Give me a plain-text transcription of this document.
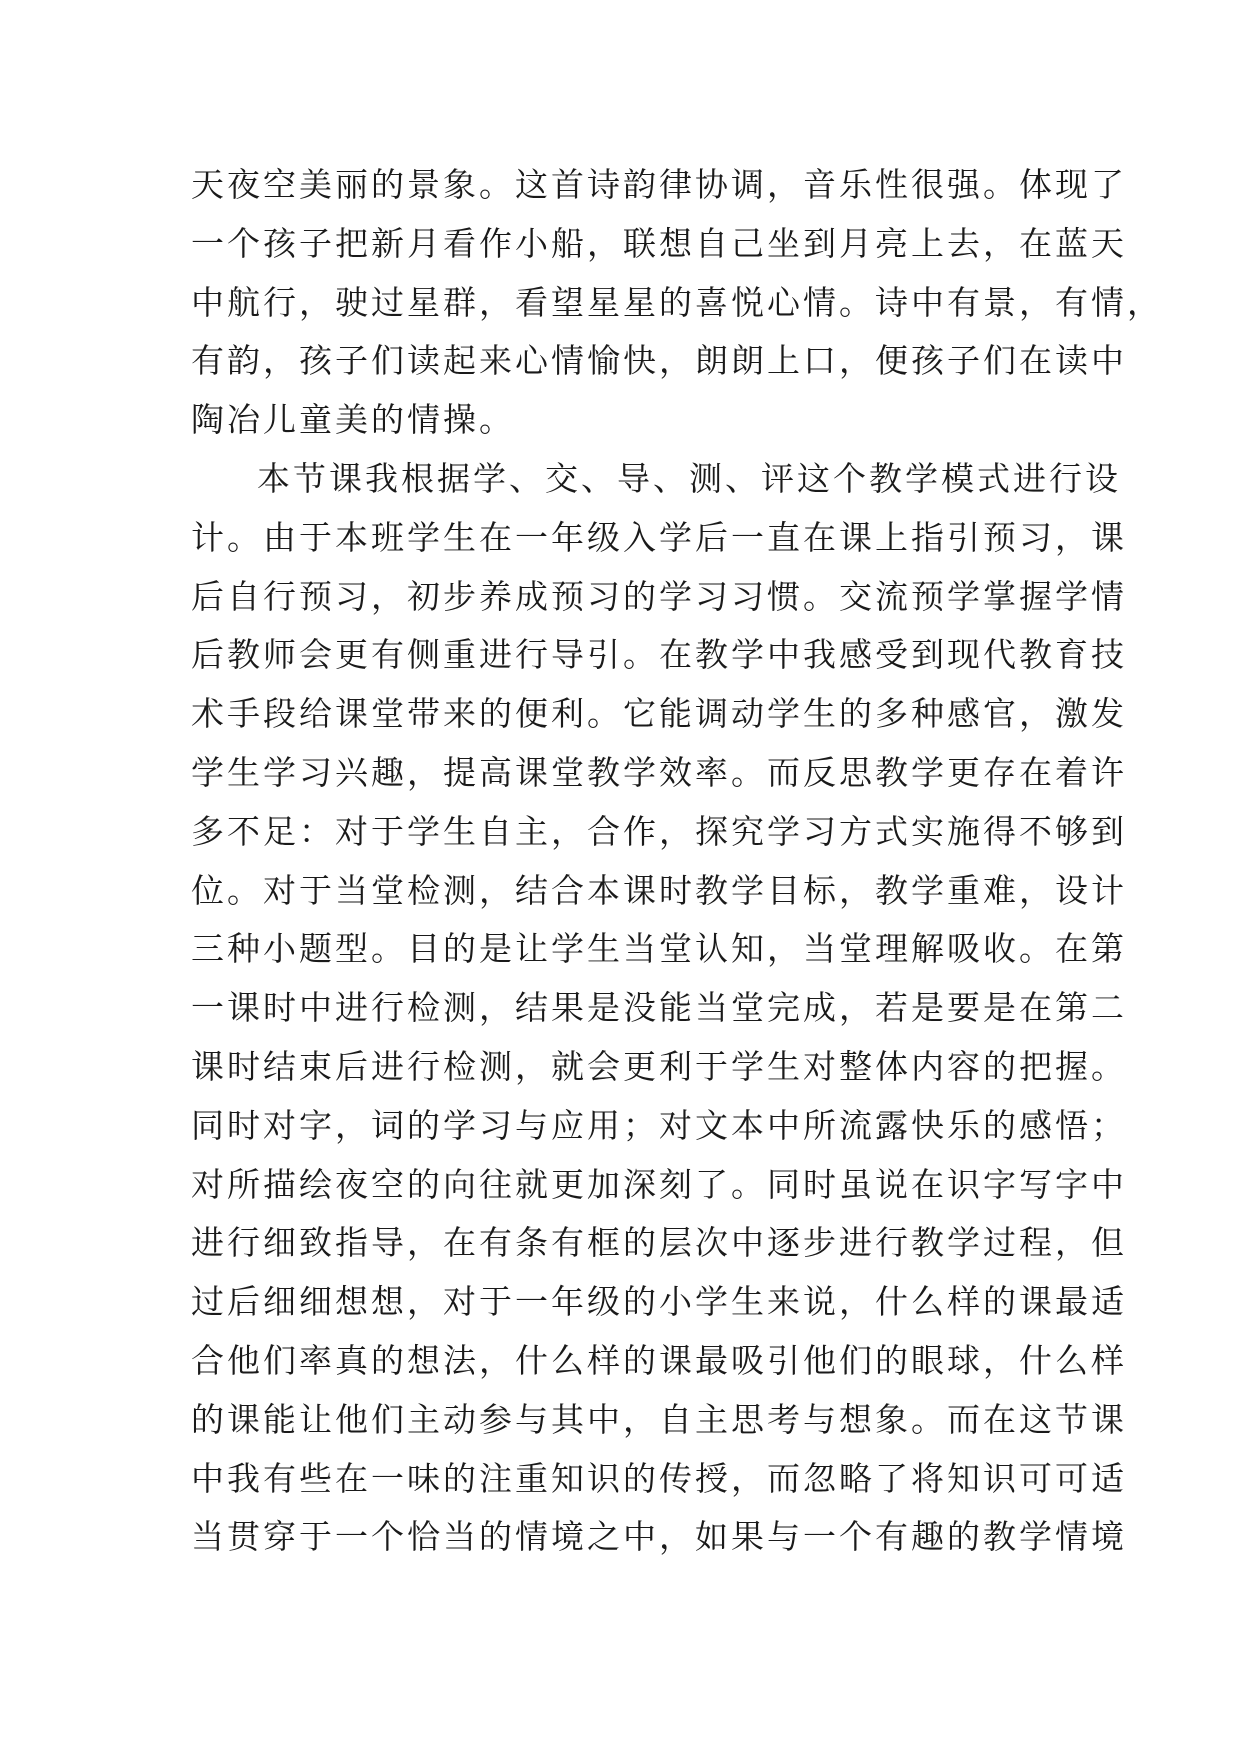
天夜空美丽的景象。这首诗韵律协调，音乐性很强。体现了
一个孩子把新月看作小船，联想自己坐到月亮上去，在蓝天
中航行，驶过星群，看望星星的喜悦心情。诗中有景，有情，
有韵，孩子们读起来心情愉快，朗朗上口，便孩子们在读中
陶冶儿童美的情操。
本节课我根据学、交、导、测、评这个教学模式进行设
计。由于本班学生在一年级入学后一直在课上指引预习，课
后自行预习，初步养成预习的学习习惯。交流预学掌握学情
后教师会更有侧重进行导引。在教学中我感受到现代教育技
术手段给课堂带来的便利。它能调动学生的多种感官，激发
学生学习兴趣，提高课堂教学效率。而反思教学更存在着许
多不足：对于学生自主，合作，探究学习方式实施得不够到
位。对于当堂检测，结合本课时教学目标，教学重难，设计
三种小题型。目的是让学生当堂认知，当堂理解吸收。在第
一课时中进行检测，结果是没能当堂完成，若是要是在第二
课时结束后进行检测，就会更利于学生对整体内容的把握。
同时对字，词的学习与应用；对文本中所流露快乐的感悟；
对所描绘夜空的向往就更加深刻了。同时虽说在识字写字中
进行细致指导，在有条有框的层次中逐步进行教学过程，但
过后细细想想，对于一年级的小学生来说，什么样的课最适
合他们率真的想法，什么样的课最吸引他们的眼球，什么样
的课能让他们主动参与其中，自主思考与想象。而在这节课
中我有些在一味的注重知识的传授，而忽略了将知识可可适
当贯穿于一个恰当的情境之中，如果与一个有趣的教学情境
